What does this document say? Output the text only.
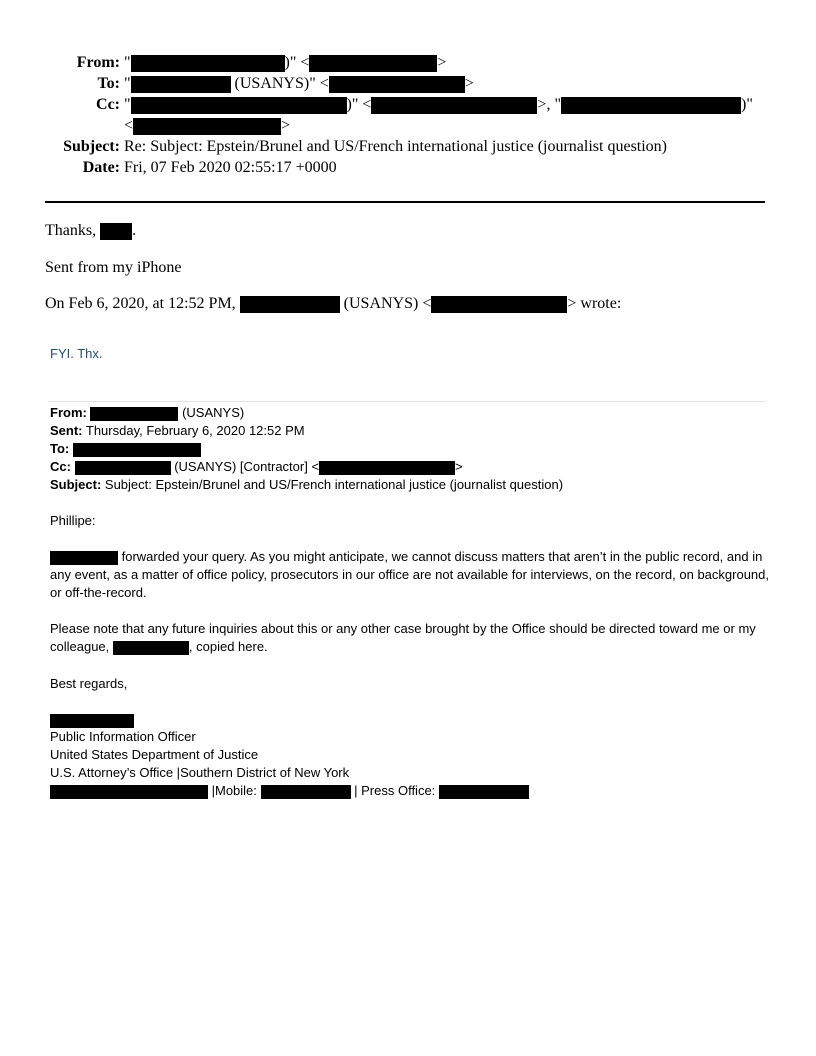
From: "	)" <	>
To: "	(USANYS)" <	>
Cc: "	)" <	>, "	)"
<	>
Subject: Re: Subject: Epstein/Brunel and US/French international justice (journalist question)
Date: Fri, 07 Feb 2020 02:55:17 +0000
Thanks, .
Sent from my iPhone
On Feb 6, 2020, at 12:52 PM,	(USANYS) <	> wrote:
FYI. Thx.
From:	(USANYS)
Sent: Thursday, February 6, 2020 12:52 PM
To:
Cc:	(USANYS) [Contractor] <	>
Subject: Subject: Epstein/Brunel and US/French international justice (journalist question)
Phillipe:
forwarded your query. As you might anticipate, we cannot discuss matters that aren’t in the public record, and in any event, as a matter of office policy, prosecutors in our office are not available for interviews, on the record, on background, or off-the-record.
Please note that any future inquiries about this or any other case brought by the Office should be directed toward me or my colleague,	, copied here.
Best regards,
Public Information Officer
United States Department of Justice
U.S. Attorney’s Office |Southern District of New York
|Mobile:	| Press Office:
